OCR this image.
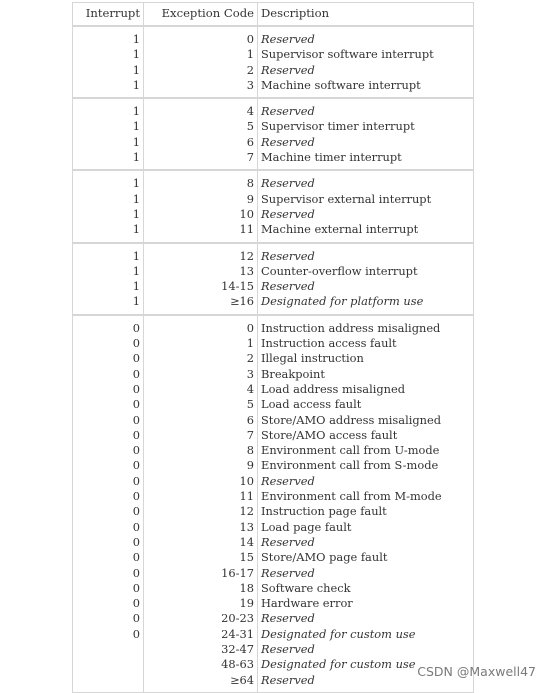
Interrupt	Exception Code	Description
1	0	Reserved
1	1	Supervisor software interrupt
1	2	Reserved
1	3	Machine software interrupt
1	4	Reserved
1	5	Supervisor timer interrupt
1	6	Reserved
1	7	Machine timer interrupt
1	8	Reserved
1	9	Supervisor external interrupt
1	10	Reserved
1	11	Machine external interrupt
1	12	Reserved
1	13	Counter-overflow interrupt
1	14-15	Reserved
1	≥16	Designated for platform use
0	0	Instruction address misaligned
0	1	Instruction access fault
0	2	Illegal instruction
0	3	Breakpoint
0	4	Load address misaligned
0	5	Load access fault
0	6	Store/AMO address misaligned
0	7	Store/AMO access fault
0	8	Environment call from U-mode
0	9	Environment call from S-mode
0	10	Reserved
0	11	Environment call from M-mode
0	12	Instruction page fault
0	13	Load page fault
0	14	Reserved
0	15	Store/AMO page fault
0	16-17	Reserved
0	18	Software check
0	19	Hardware error
0	20-23	Reserved
0	24-31	Designated for custom use
	32-47	Reserved
	48-63	Designated for custom use
	≥64	Reserved
CSDN @Maxwell47
